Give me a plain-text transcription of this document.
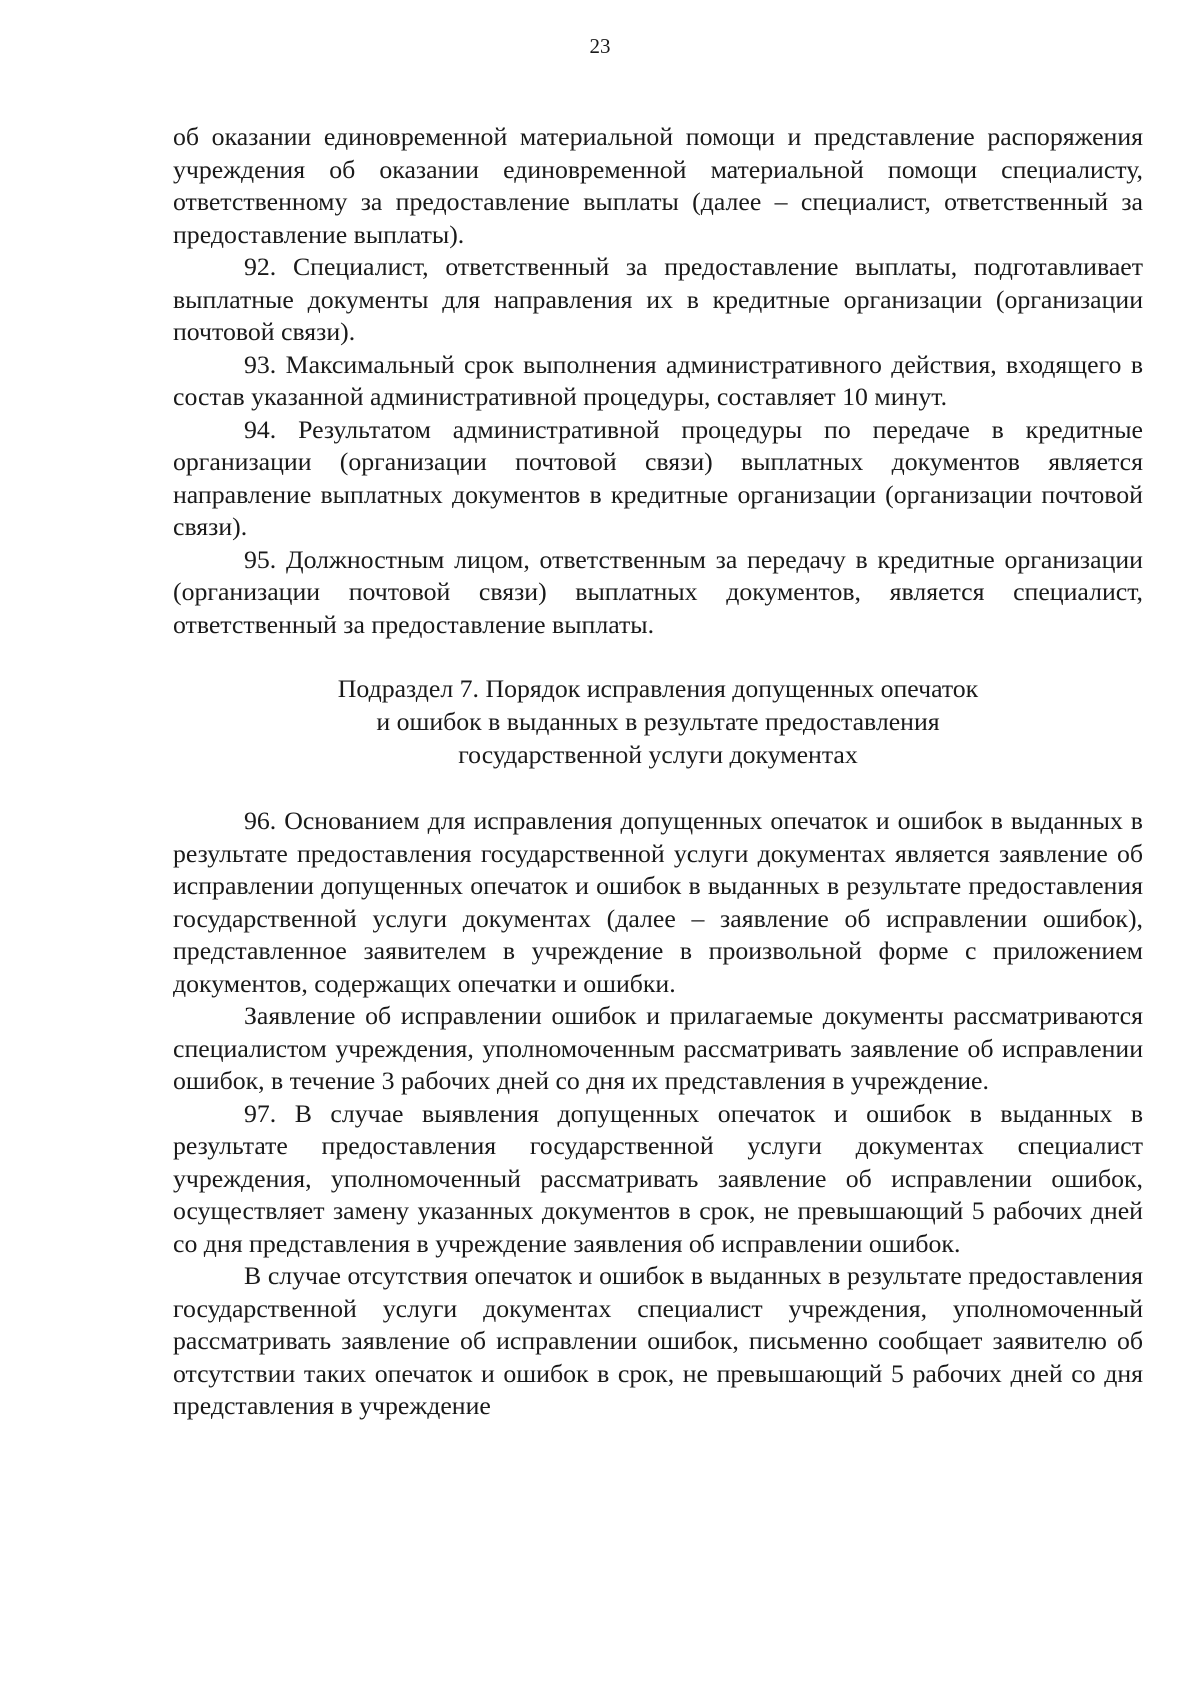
23

об оказании единовременной материальной помощи и представление распоряжения учреждения об оказании единовременной материальной помощи специалисту, ответственному за предоставление выплаты (далее – специалист, ответственный за предоставление выплаты).

92. Специалист, ответственный за предоставление выплаты, подготавливает выплатные документы для направления их в кредитные организации (организации почтовой связи).

93. Максимальный срок выполнения административного действия, входящего в состав указанной административной процедуры, составляет 10 минут.

94. Результатом административной процедуры по передаче в кредитные организации (организации почтовой связи) выплатных документов является направление выплатных документов в кредитные организации (организации почтовой связи).

95. Должностным лицом, ответственным за передачу в кредитные организации (организации почтовой связи) выплатных документов, является специалист, ответственный за предоставление выплаты.

Подраздел 7. Порядок исправления допущенных опечаток
и ошибок в выданных в результате предоставления
государственной услуги документах

96. Основанием для исправления допущенных опечаток и ошибок в выданных в результате предоставления государственной услуги документах является заявление об исправлении допущенных опечаток и ошибок в выданных в результате предоставления государственной услуги документах (далее – заявление об исправлении ошибок), представленное заявителем в учреждение в произвольной форме с приложением документов, содержащих опечатки и ошибки.

Заявление об исправлении ошибок и прилагаемые документы рассматриваются специалистом учреждения, уполномоченным рассматривать заявление об исправлении ошибок, в течение 3 рабочих дней со дня их представления в учреждение.

97. В случае выявления допущенных опечаток и ошибок в выданных в результате предоставления государственной услуги документах специалист учреждения, уполномоченный рассматривать заявление об исправлении ошибок, осуществляет замену указанных документов в срок, не превышающий 5 рабочих дней со дня представления в учреждение заявления об исправлении ошибок.

В случае отсутствия опечаток и ошибок в выданных в результате предоставления государственной услуги документах специалист учреждения, уполномоченный рассматривать заявление об исправлении ошибок, письменно сообщает заявителю об отсутствии таких опечаток и ошибок в срок, не превышающий 5 рабочих дней со дня представления в учреждение
